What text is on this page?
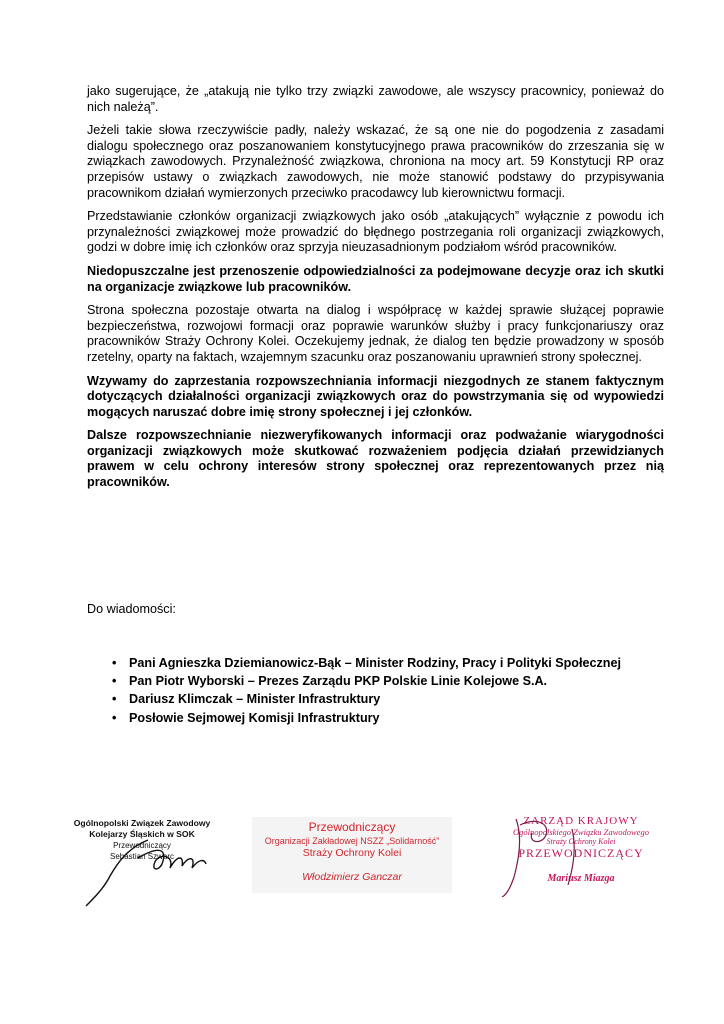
jako sugerujące, że „atakują nie tylko trzy związki zawodowe, ale wszyscy pracownicy, ponieważ do nich należą”.

Jeżeli takie słowa rzeczywiście padły, należy wskazać, że są one nie do pogodzenia z zasadami dialogu społecznego oraz poszanowaniem konstytucyjnego prawa pracowników do zrzeszania się w związkach zawodowych. Przynależność związkowa, chroniona na mocy art. 59 Konstytucji RP oraz przepisów ustawy o związkach zawodowych, nie może stanowić podstawy do przypisywania pracownikom działań wymierzonych przeciwko pracodawcy lub kierownictwu formacji.

Przedstawianie członków organizacji związkowych jako osób „atakujących” wyłącznie z powodu ich przynależności związkowej może prowadzić do błędnego postrzegania roli organizacji związkowych, godzi w dobre imię ich członków oraz sprzyja nieuzasadnionym podziałom wśród pracowników.

Niedopuszczalne jest przenoszenie odpowiedzialności za podejmowane decyzje oraz ich skutki na organizacje związkowe lub pracowników.

Strona społeczna pozostaje otwarta na dialog i współpracę w każdej sprawie służącej poprawie bezpieczeństwa, rozwojowi formacji oraz poprawie warunków służby i pracy funkcjonariuszy oraz pracowników Straży Ochrony Kolei. Oczekujemy jednak, że dialog ten będzie prowadzony w sposób rzetelny, oparty na faktach, wzajemnym szacunku oraz poszanowaniu uprawnień strony społecznej.

Wzywamy do zaprzestania rozpowszechniania informacji niezgodnych ze stanem faktycznym dotyczących działalności organizacji związkowych oraz do powstrzymania się od wypowiedzi mogących naruszać dobre imię strony społecznej i jej członków.

Dalsze rozpowszechnianie niezweryfikowanych informacji oraz podważanie wiarygodności organizacji związkowych może skutkować rozważeniem podjęcia działań przewidzianych prawem w celu ochrony interesów strony społecznej oraz reprezentowanych przez nią pracowników.

Do wiadomości:

• Pani Agnieszka Dziemianowicz-Bąk – Minister Rodziny, Pracy i Polityki Społecznej
• Pan Piotr Wyborski – Prezes Zarządu PKP Polskie Linie Kolejowe S.A.
• Dariusz Klimczak – Minister Infrastruktury
• Posłowie Sejmowej Komisji Infrastruktury
Ogólnopolski Związek Zawodowy
Kolejarzy Śląskich w SOK
Przewodniczący
Sebastian Szwarc
Przewodniczący
Organizacji Zakładowej NSZZ „Solidarność”
Straży Ochrony Kolei
Włodzimierz Ganczar
ZARZĄD KRAJOWY
Ogólnopolskiego Związku Zawodowego
Straży Ochrony Kolei
PRZEWODNICZĄCY
Mariusz Miazga
